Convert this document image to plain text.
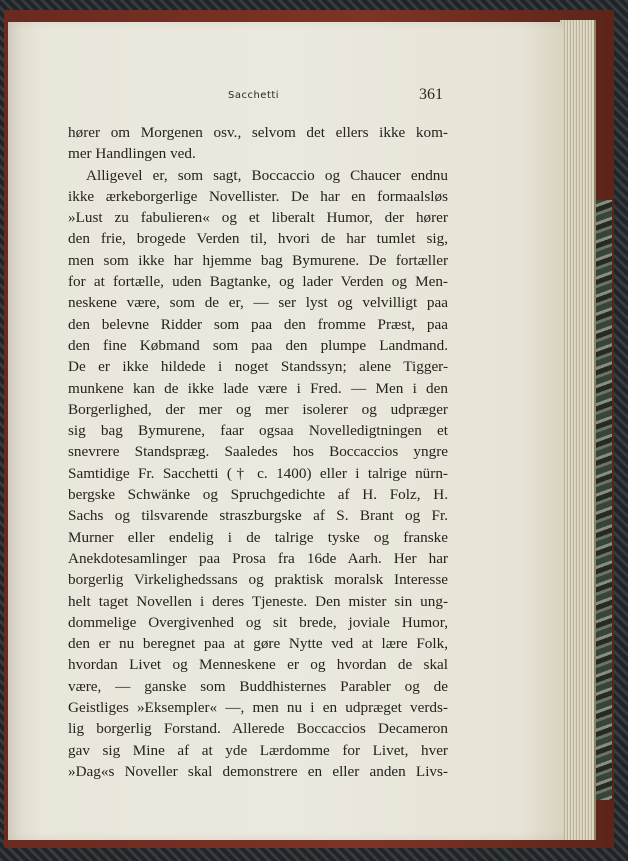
Sacchetti	361
hører om Morgenen osv., selvom det ellers ikke kom-
mer Handlingen ved.
Alligevel er, som sagt, Boccaccio og Chaucer endnu
ikke ærkeborgerlige Novellister. De har en formaalsløs
»Lust zu fabulieren« og et liberalt Humor, der hører
den frie, brogede Verden til, hvori de har tumlet sig,
men som ikke har hjemme bag Bymurene. De fortæller
for at fortælle, uden Bagtanke, og lader Verden og Men-
neskene være, som de er, — ser lyst og velvilligt paa
den belevne Ridder som paa den fromme Præst, paa
den fine Købmand som paa den plumpe Landmand.
De er ikke hildede i noget Standssyn; alene Tigger-
munkene kan de ikke lade være i Fred. — Men i den
Borgerlighed, der mer og mer isolerer og udpræger
sig bag Bymurene, faar ogsaa Novelledigtningen et
snevrere Standspræg. Saaledes hos Boccaccios yngre
Samtidige Fr. Sacchetti († c. 1400) eller i talrige nürn-
bergske Schwänke og Spruchgedichte af H. Folz, H.
Sachs og tilsvarende straszburgske af S. Brant og Fr.
Murner eller endelig i de talrige tyske og franske
Anekdotesamlinger paa Prosa fra 16de Aarh. Her har
borgerlig Virkelighedssans og praktisk moralsk Interesse
helt taget Novellen i deres Tjeneste. Den mister sin ung-
dommelige Overgivenhed og sit brede, joviale Humor,
den er nu beregnet paa at gøre Nytte ved at lære Folk,
hvordan Livet og Menneskene er og hvordan de skal
være, — ganske som Buddhisternes Parabler og de
Geistliges »Eksempler« —, men nu i en udpræget verds-
lig borgerlig Forstand. Allerede Boccaccios Decameron
gav sig Mine af at yde Lærdomme for Livet, hver
»Dag«s Noveller skal demonstrere en eller anden Livs-
